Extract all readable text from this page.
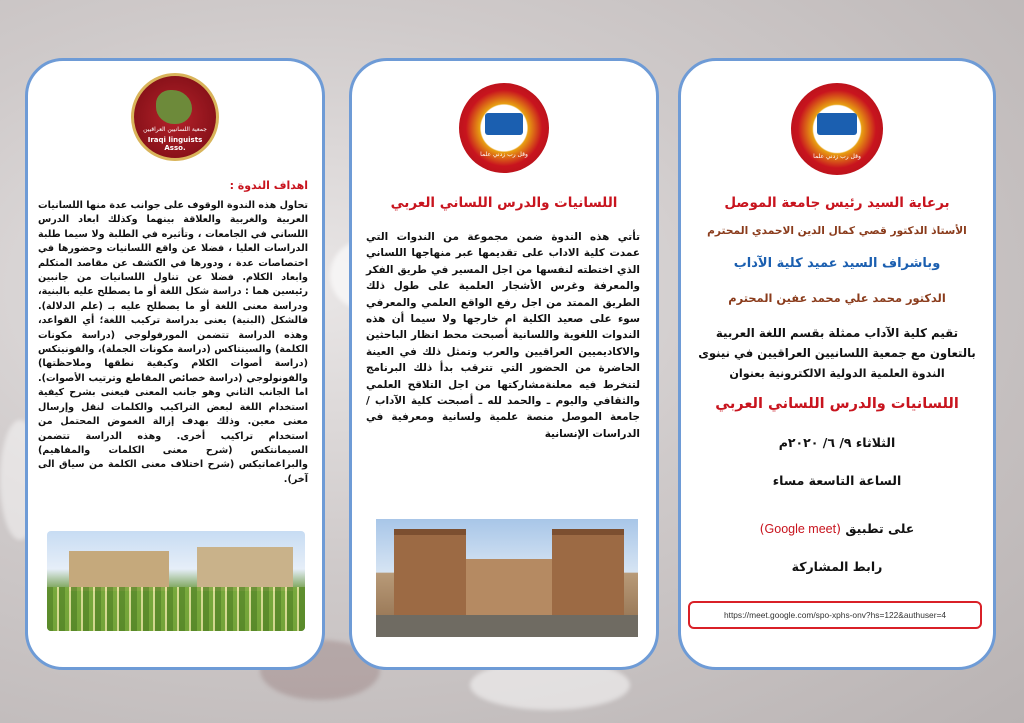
جمعية اللسانيين العراقيين
Iraqi linguists Asso.
اهداف الندوة :
تحاول هذه الندوة الوقوف على جوانب عدة منها اللسانيات العربية والغربية والعلاقة بينهما وكذلك ابعاد الدرس اللساني في الجامعات ، وتأثيره في الطلبة ولا سيما طلبة الدراسات العليا ، فضلا عن واقع اللسانيات وحضورها في اختصاصات عدة ، ودورها في الكشف عن مقاصد المتكلم وابعاد الكلام. فضلا عن تناول اللسانيات من جانبين رئيسين هما : دراسة شكل اللغة أو ما يصطلح عليه بالبنية، ودراسة معنى اللغة أو ما يصطلح عليه بـ (علم الدلالة). فالشكل (البنية) يعنى بدراسة تركيب اللغة؛ أي القواعد، وهذه الدراسة تتضمن المورفولوجي (دراسة مكونات الكلمة) والسينتاكس (دراسة مكونات الجملة)، والفونيتكس (دراسة أصوات الكلام وكيفية نطقها وملاحظتها) والفونولوجي (دراسة خصائص المقاطع وترتيب الأصوات). اما الجانب الثاني وهو جانب المعنى فيعنى بشرح كيفية استخدام اللغة لبعض التراكيب والكلمات لنقل وإرسال معنى معين. وذلك بهدف إزالة الغموض المحتمل من استخدام تراكيب أخرى. وهذه الدراسة تتضمن السيمانتكس (شرح معنى الكلمات والمفاهيم) والبراغماتيكس (شرح اختلاف معنى الكلمة من سياق الى آخر).
وقل رب زدني علما
اللسانيات والدرس اللساني العربي
تأتي هذه الندوة ضمن مجموعة من الندوات التي عمدت كلية الاداب على تقديمها عبر منهاجها اللساني الذي اختطته لنفسها من اجل المسير في طريق الفكر والمعرفة وغرس الأشجار العلمية على طول ذلك الطريق الممتد من اجل رفع الواقع العلمي والمعرفي سوء على صعيد الكلية ام خارجها ولا سيما أن هذه الندوات اللغوية واللسانية أصبحت محط انظار الباحثين والاكاديميين العراقيين والعرب وتمثل ذلك في العينة الحاضرة من الحضور التي تترقب بدأ ذلك البرنامج لتنخرط فيه معلنةمشاركتها من اجل التلاقح العلمي والثقافي واليوم ـ والحمد لله ـ أصبحت كلية الآداب / جامعة الموصل منصة علمية ولسانية ومعرفية في الدراسات الإنسانية
وقل رب زدني علما
برعاية السيد رئيس جامعة الموصل
الأستاذ الدكتور قصي كمال الدين الاحمدي المحترم
وباشراف السيد عميد كلية الآداب
الدكتور محمد علي محمد عفين المحترم
تقيم كلية الآداب ممثلة بقسم اللغة العربية
بالتعاون مع جمعية اللسانيين العراقيين في نينوى
الندوة العلمية الدولية الالكترونية بعنوان
اللسانيات والدرس اللساني العربي
الثلاثاء ٩/ ٦/ ٢٠٢٠م
الساعة التاسعة مساء
على تطبيق (Google meet)
رابط المشاركة
https://meet.google.com/spo-xphs-onv?hs=122&authuser=4
